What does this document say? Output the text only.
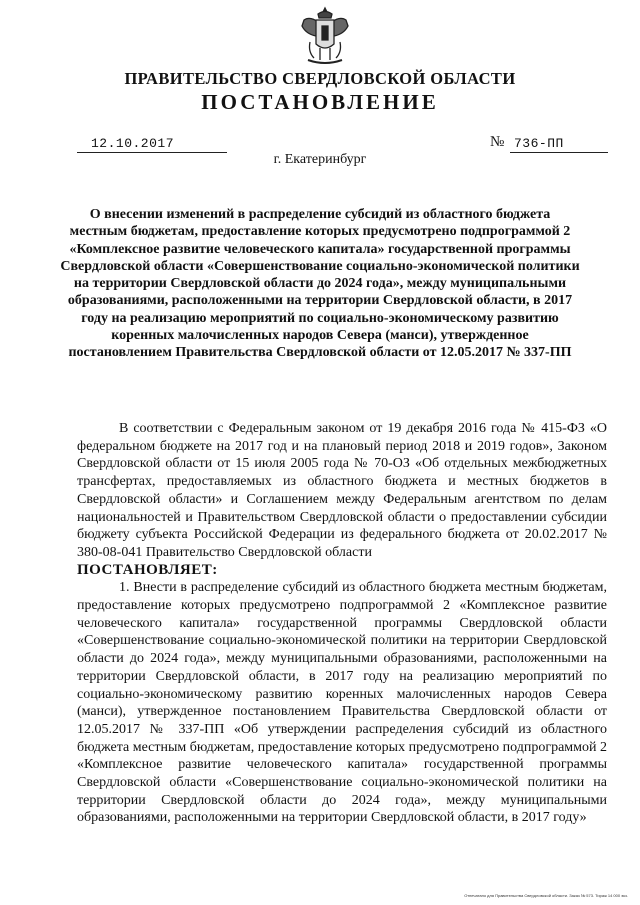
ПРАВИТЕЛЬСТВО СВЕРДЛОВСКОЙ ОБЛАСТИ
ПОСТАНОВЛЕНИЕ
12.10.2017	№ 736-ПП
г. Екатеринбург
О внесении изменений в распределение субсидий из областного бюджета местным бюджетам, предоставление которых предусмотрено подпрограммой 2 «Комплексное развитие человеческого капитала» государственной программы Свердловской области «Совершенствование социально-экономической политики на территории Свердловской области до 2024 года», между муниципальными образованиями, расположенными на территории Свердловской области, в 2017 году на реализацию мероприятий по социально-экономическому развитию коренных малочисленных народов Севера (манси), утвержденное постановлением Правительства Свердловской области от 12.05.2017 № 337-ПП

В соответствии с Федеральным законом от 19 декабря 2016 года № 415-ФЗ «О федеральном бюджете на 2017 год и на плановый период 2018 и 2019 годов», Законом Свердловской области от 15 июля 2005 года № 70-ОЗ «Об отдельных межбюджетных трансфертах, предоставляемых из областного бюджета и местных бюджетов в Свердловской области» и Соглашением между Федеральным агентством по делам национальностей и Правительством Свердловской области о предоставлении субсидии бюджету субъекта Российской Федерации из федерального бюджета от 20.02.2017 № 380-08-041 Правительство Свердловской области

ПОСТАНОВЛЯЕТ:

1. Внести в распределение субсидий из областного бюджета местным бюджетам, предоставление которых предусмотрено подпрограммой 2 «Комплексное развитие человеческого капитала» государственной программы Свердловской области «Совершенствование социально-экономической политики на территории Свердловской области до 2024 года», между муниципальными образованиями, расположенными на территории Свердловской области, в 2017 году на реализацию мероприятий по социально-экономическому развитию коренных малочисленных народов Севера (манси), утвержденное постановлением Правительства Свердловской области от 12.05.2017 № 337-ПП «Об утверждении распределения субсидий из областного бюджета местным бюджетам, предоставление которых предусмотрено подпрограммой 2 «Комплексное развитие человеческого капитала» государственной программы Свердловской области «Совершенствование социально-экономической политики на территории Свердловской области до 2024 года», между муниципальными образованиями, расположенными на территории Свердловской области, в 2017 году»

Отпечатано для Правительства Свердловской области. Заказ № 573. Тираж 14 000 экз.
